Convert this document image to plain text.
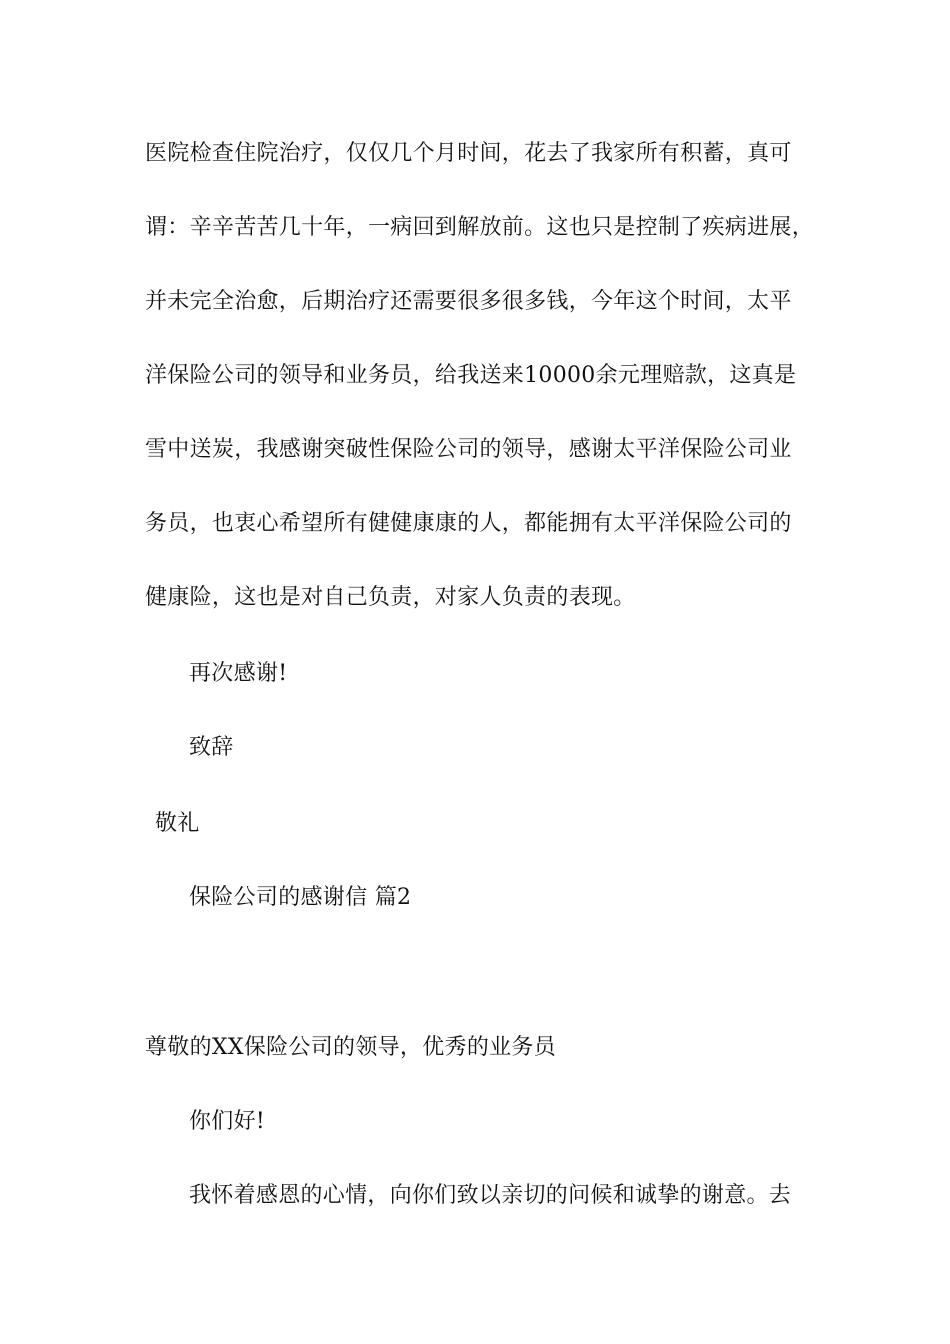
医院检查住院治疗，仅仅几个月时间，花去了我家所有积蓄，真可
谓：辛辛苦苦几十年，一病回到解放前。这也只是控制了疾病进展，
并未完全治愈，后期治疗还需要很多很多钱，今年这个时间，太平
洋保险公司的领导和业务员，给我送来10000余元理赔款，这真是
雪中送炭，我感谢突破性保险公司的领导，感谢太平洋保险公司业
务员，也衷心希望所有健健康康的人，都能拥有太平洋保险公司的
健康险，这也是对自己负责，对家人负责的表现。
再次感谢!
致辞
敬礼
保险公司的感谢信 篇2
尊敬的XX保险公司的领导，优秀的业务员
你们好!
我怀着感恩的心情，向你们致以亲切的问候和诚挚的谢意。去
